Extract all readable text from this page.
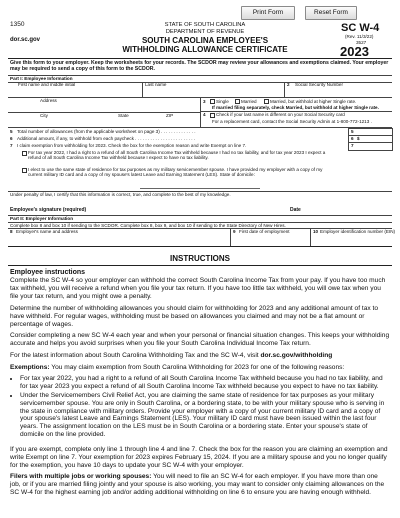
Print Form	Reset Form
1350
dor.sc.gov
STATE OF SOUTH CAROLINA
DEPARTMENT OF REVENUE
SOUTH CAROLINA EMPLOYEE'S
WITHHOLDING ALLOWANCE CERTIFICATE
SC W-4
(Rev. 11/3/22)
3527
2023
Give this form to your employer. Keep the worksheets for your records. The SCDOR may review your allowances and exemptions claimed. Your employer may be required to send a copy of this form to the SCDOR.
Part I: Employee Information
First name and middle initial	Last name	2 Social Security Number
Address	3 Single	Married	Married, but withhold at higher Single rate.
If married filing separately, check Married, but withhold at higher Single rate.
City	State	ZIP	4 Check if your last name is different on your Social Security card
For a replacement card, contact the Social Security Admin at 1-800-772-1213 .
5 Total number of allowances (from the applicable worksheet on page 3) . . . . . . . . . . . . . .
6 Additional amount, if any, to withhold from each paycheck . . . . . . . . . . . . . . . . . . . . . . . .
7 I claim exemption from withholding for 2023. Check the box for the exemption reason and write Exempt on line 7.
5
6 $
7
For tax year 2022, I had a right to a refund of all South Carolina Income Tax withheld because I had no tax liability, and for tax year 2023 I expect a refund of all South Carolina Income Tax withheld because I expect to have no tax liability.
I elect to use the same state of residence for tax purposes as my military servicemember spouse. I have provided my employer with a copy of my current military ID card and a copy of my spouse's latest Leave and Earning Statement (LES). State of domicile:
Under penalty of law, I certify that this information is correct, true, and complete to the best of my knowledge.
Employee's signature (required)	Date
Part II: Employer Information
Complete box 8 and box 10 if sending to the SCDOR. Complete box 8, box 9, and box 10 if sending to the State Directory of New Hires.
8 Employer's name and address	9 First date of employment	10 Employer identification number (EIN)
INSTRUCTIONS
Employee instructions
Complete the SC W-4 so your employer can withhold the correct South Carolina Income Tax from your pay. If you have too much tax withheld, you will receive a refund when you file your tax return. If you have too little tax withheld, you will owe tax when you file your tax return, and you might owe a penalty.
Determine the number of withholding allowances you should claim for withholding for 2023 and any additional amount of tax to have withheld. For regular wages, withholding must be based on allowances you claimed and may not be a flat amount or percentage of wages.
Consider completing a new SC W-4 each year and when your personal or financial situation changes. This keeps your withholding accurate and helps you avoid surprises when you file your South Carolina Individual Income Tax return.
For the latest information about South Carolina Withholding Tax and the SC W-4, visit dor.sc.gov/withholding
Exemptions: You may claim exemption from South Carolina Withholding for 2023 for one of the following reasons:
• For tax year 2022, you had a right to a refund of all South Carolina Income Tax withheld because you had no tax liability, and for tax year 2023 you expect a refund of all South Carolina Income Tax withheld because you expect to have no tax liability.
• Under the Servicemembers Civil Relief Act, you are claiming the same state of residence for tax purposes as your military servicemember spouse. You are only in South Carolina, or a bordering state, to be with your military spouse who is serving in the state in compliance with military orders. Provide your employer with a copy of your current military ID card and a copy of your spouse's latest Leave and Earnings Statement (LES). Your military ID card must have been issued within the last four years. The assignment location on the LES must be in South Carolina or a bordering state. Enter your spouse's state of domicile on the line provided.
If you are exempt, complete only line 1 through line 4 and line 7. Check the box for the reason you are claiming an exemption and write Exempt on line 7. Your exemption for 2023 expires February 15, 2024. If you are a military spouse and you no longer qualify for the exemption, you have 10 days to update your SC W-4 with your employer.
Filers with multiple jobs or working spouses: You will need to file an SC W-4 for each employer. If you have more than one job, or if you are married filing jointly and your spouse is also working, you may want to consider only claiming allowances on the SC W-4 for the highest earning job and/or adding additional withholding on line 6 to ensure you are having enough withheld.
